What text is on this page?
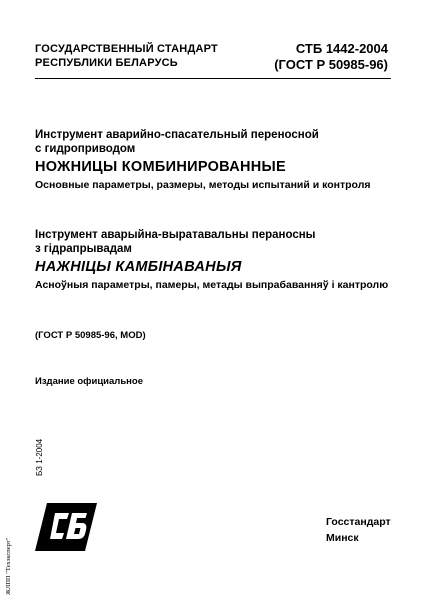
ГОСУДАРСТВЕННЫЙ СТАНДАРТ
РЕСПУБЛИКИ БЕЛАРУСЬ
СТБ 1442-2004
(ГОСТ Р 50985-96)
Инструмент аварийно-спасательный переносной
с гидроприводом
НОЖНИЦЫ КОМБИНИРОВАННЫЕ
Основные параметры, размеры, методы испытаний и контроля
Інструмент аварыйна-выратавальны пераносны
з гідрапрывадам
НАЖНІЦЫ КАМБІНАВАНЫЯ
Асноўныя параметры, памеры, метады выпрабаванняў і кантролю
(ГОСТ Р 50985-96, MOD)
Издание официальное
БЗ 1-2004
ЖЛПП "Техэксперт"
Госстандарт
Минск
